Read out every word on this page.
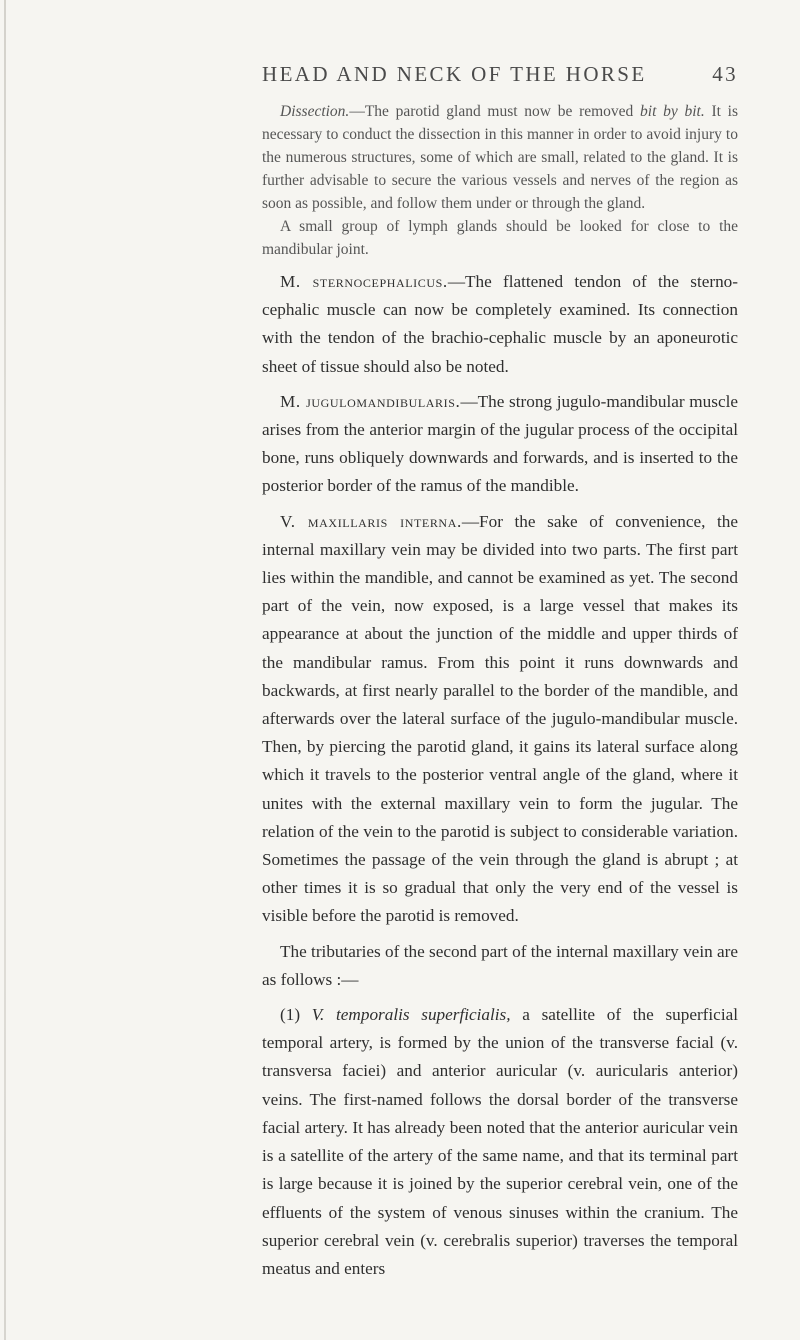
HEAD AND NECK OF THE HORSE	43

Dissection.—The parotid gland must now be removed bit by bit. It is necessary to conduct the dissection in this manner in order to avoid injury to the numerous structures, some of which are small, related to the gland. It is further advisable to secure the various vessels and nerves of the region as soon as possible, and follow them under or through the gland.

A small group of lymph glands should be looked for close to the mandibular joint.

M. sternocephalicus.—The flattened tendon of the sterno-cephalic muscle can now be completely examined. Its connection with the tendon of the brachio-cephalic muscle by an aponeurotic sheet of tissue should also be noted.

M. jugulomandibularis.—The strong jugulo-mandibular muscle arises from the anterior margin of the jugular process of the occipital bone, runs obliquely downwards and forwards, and is inserted to the posterior border of the ramus of the mandible.

V. maxillaris interna.—For the sake of convenience, the internal maxillary vein may be divided into two parts. The first part lies within the mandible, and cannot be examined as yet. The second part of the vein, now exposed, is a large vessel that makes its appearance at about the junction of the middle and upper thirds of the mandibular ramus. From this point it runs downwards and backwards, at first nearly parallel to the border of the mandible, and afterwards over the lateral surface of the jugulo-mandibular muscle. Then, by piercing the parotid gland, it gains its lateral surface along which it travels to the posterior ventral angle of the gland, where it unites with the external maxillary vein to form the jugular. The relation of the vein to the parotid is subject to considerable variation. Sometimes the passage of the vein through the gland is abrupt ; at other times it is so gradual that only the very end of the vessel is visible before the parotid is removed.

The tributaries of the second part of the internal maxillary vein are as follows :—

(1) V. temporalis superficialis, a satellite of the superficial temporal artery, is formed by the union of the transverse facial (v. transversa faciei) and anterior auricular (v. auricularis anterior) veins. The first-named follows the dorsal border of the transverse facial artery. It has already been noted that the anterior auricular vein is a satellite of the artery of the same name, and that its terminal part is large because it is joined by the superior cerebral vein, one of the effluents of the system of venous sinuses within the cranium. The superior cerebral vein (v. cerebralis superior) traverses the temporal meatus and enters
